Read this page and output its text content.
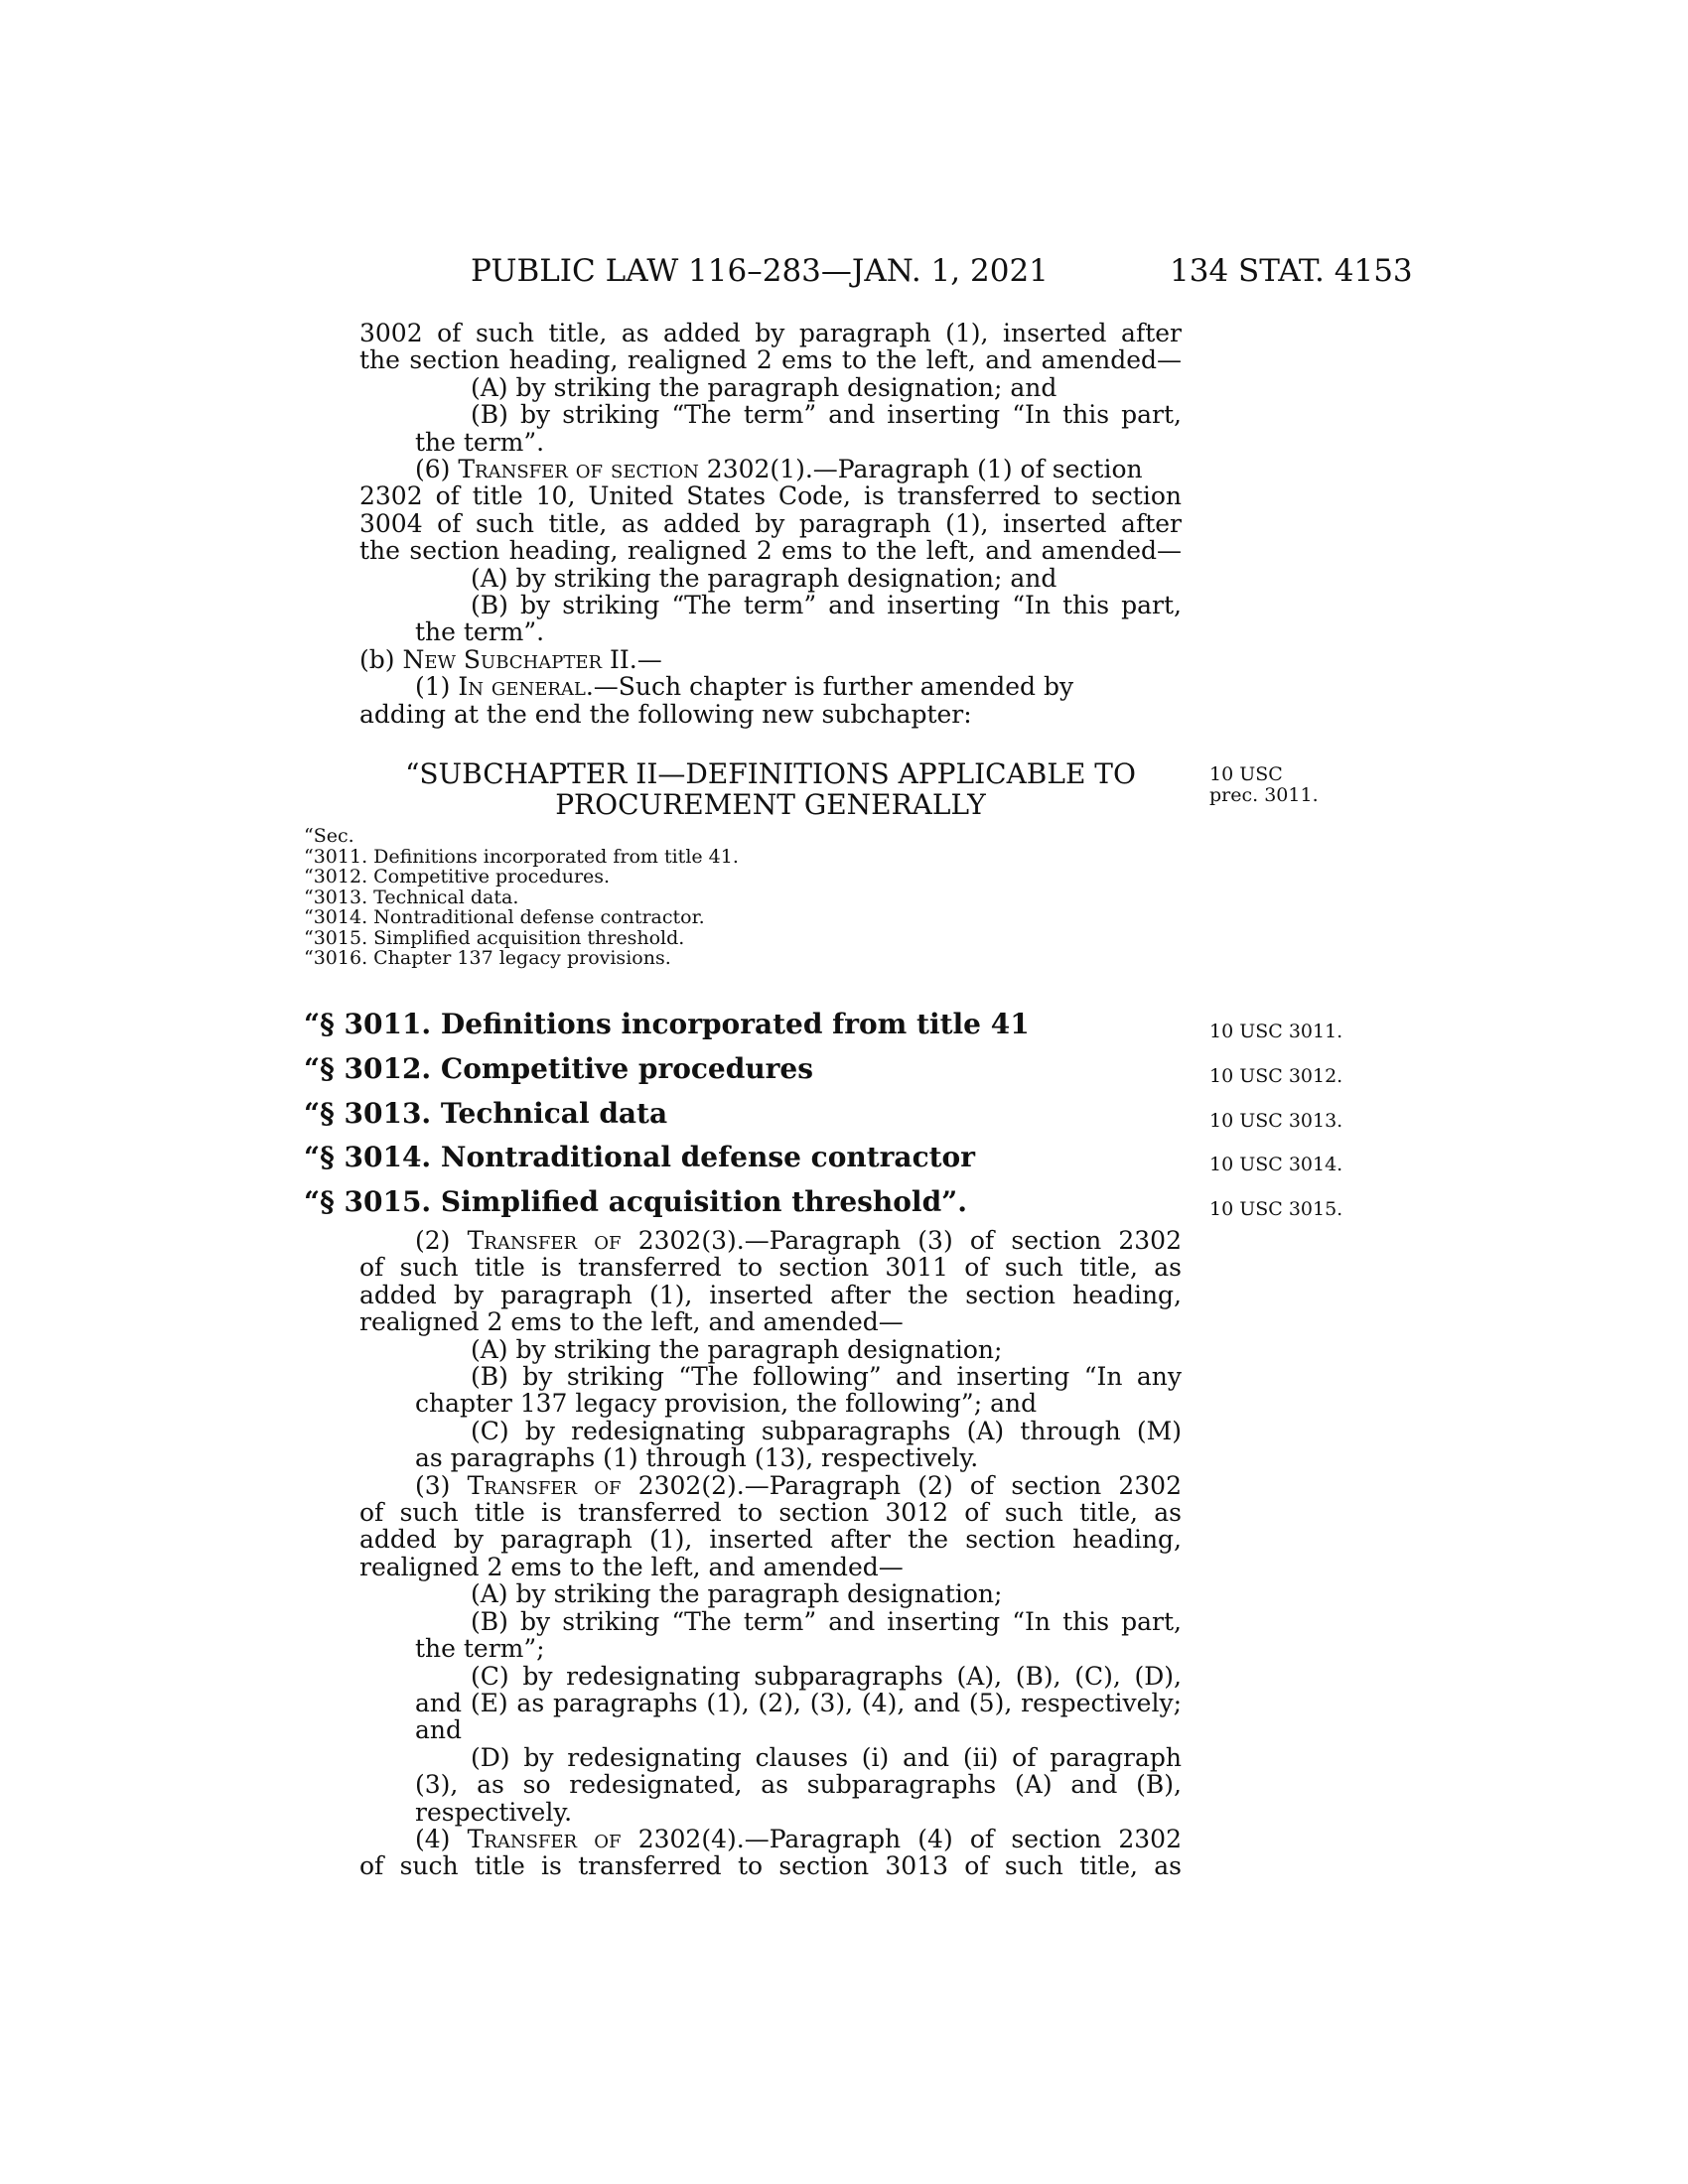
PUBLIC LAW 116–283—JAN. 1, 2021	134 STAT. 4153
3002 of such title, as added by paragraph (1), inserted after
the section heading, realigned 2 ems to the left, and amended—
(A) by striking the paragraph designation; and
(B) by striking “The term” and inserting “In this part,
the term”.
(6) Transfer of section 2302(1).—Paragraph (1) of section
2302 of title 10, United States Code, is transferred to section
3004 of such title, as added by paragraph (1), inserted after
the section heading, realigned 2 ems to the left, and amended—
(A) by striking the paragraph designation; and
(B) by striking “The term” and inserting “In this part,
the term”.
(b) New Subchapter II.—
(1) In general.—Such chapter is further amended by
adding at the end the following new subchapter:
“SUBCHAPTER II—DEFINITIONS APPLICABLE TO
PROCUREMENT GENERALLY
10 USC
prec. 3011.
“Sec.
“3011. Definitions incorporated from title 41.
“3012. Competitive procedures.
“3013. Technical data.
“3014. Nontraditional defense contractor.
“3015. Simplified acquisition threshold.
“3016. Chapter 137 legacy provisions.
“§ 3011. Definitions incorporated from title 41
“§ 3012. Competitive procedures
“§ 3013. Technical data
“§ 3014. Nontraditional defense contractor
“§ 3015. Simplified acquisition threshold”.
10 USC 3011.
10 USC 3012.
10 USC 3013.
10 USC 3014.
10 USC 3015.
(2) Transfer of 2302(3).—Paragraph (3) of section 2302
of such title is transferred to section 3011 of such title, as
added by paragraph (1), inserted after the section heading,
realigned 2 ems to the left, and amended—
(A) by striking the paragraph designation;
(B) by striking “The following” and inserting “In any
chapter 137 legacy provision, the following”; and
(C) by redesignating subparagraphs (A) through (M)
as paragraphs (1) through (13), respectively.
(3) Transfer of 2302(2).—Paragraph (2) of section 2302
of such title is transferred to section 3012 of such title, as
added by paragraph (1), inserted after the section heading,
realigned 2 ems to the left, and amended—
(A) by striking the paragraph designation;
(B) by striking “The term” and inserting “In this part,
the term”;
(C) by redesignating subparagraphs (A), (B), (C), (D),
and (E) as paragraphs (1), (2), (3), (4), and (5), respectively;
and
(D) by redesignating clauses (i) and (ii) of paragraph
(3), as so redesignated, as subparagraphs (A) and (B),
respectively.
(4) Transfer of 2302(4).—Paragraph (4) of section 2302
of such title is transferred to section 3013 of such title, as
